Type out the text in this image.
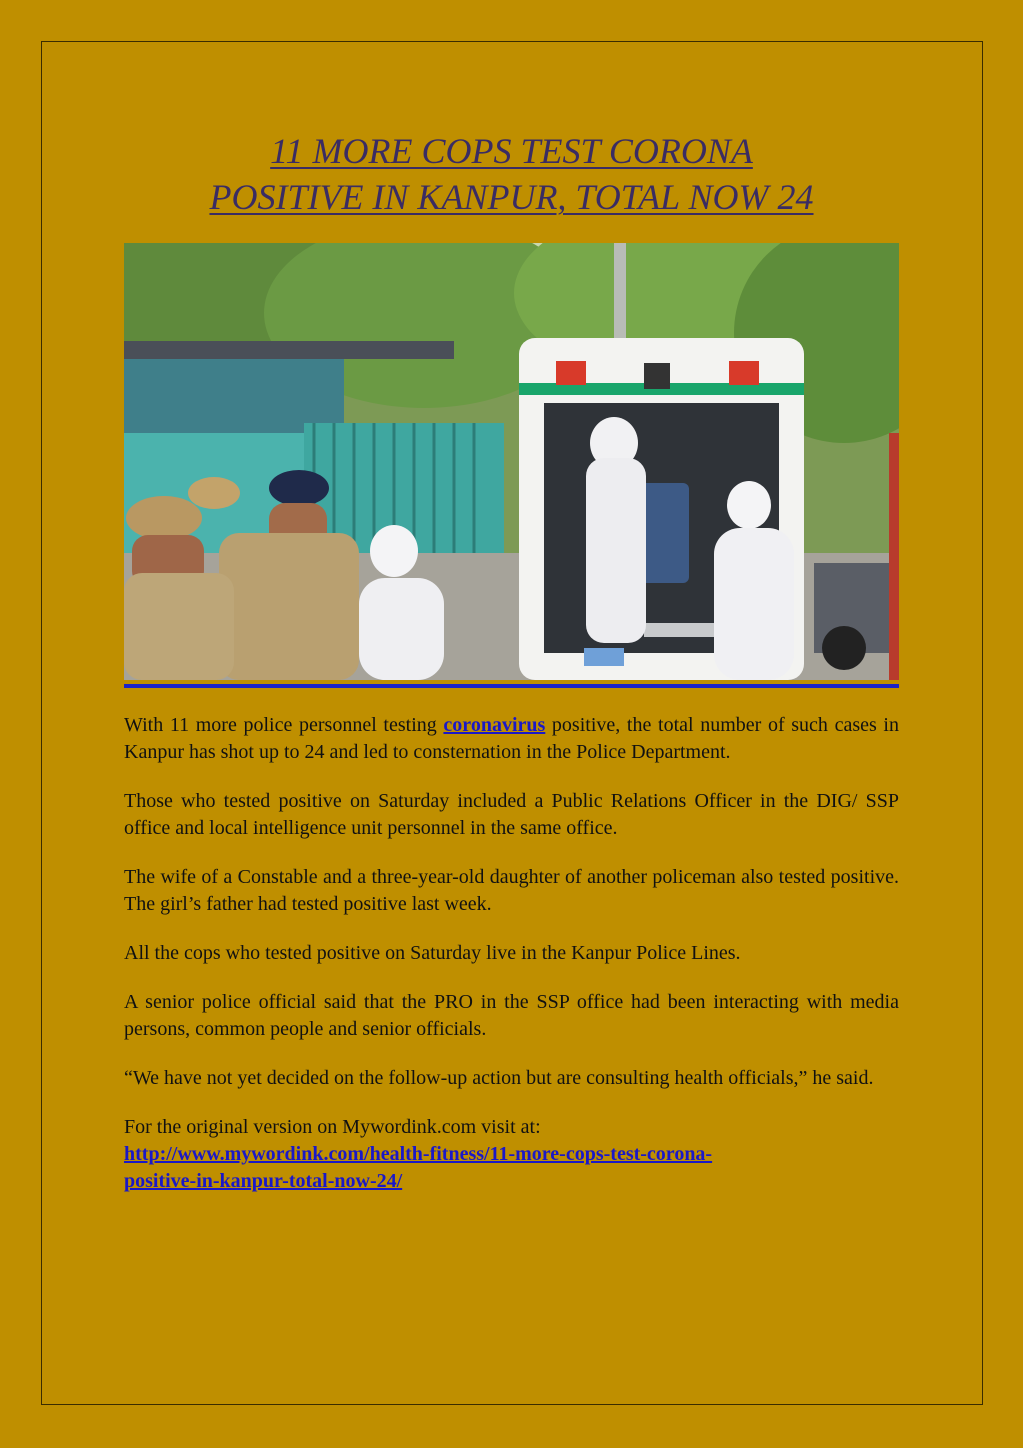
11 MORE COPS TEST CORONA
POSITIVE IN KANPUR, TOTAL NOW 24

With 11 more police personnel testing coronavirus positive, the total number of such cases in Kanpur has shot up to 24 and led to consternation in the Police Department.

Those who tested positive on Saturday included a Public Relations Officer in the DIG/ SSP office and local intelligence unit personnel in the same office.

The wife of a Constable and a three-year-old daughter of another policeman also tested positive. The girl’s father had tested positive last week.

All the cops who tested positive on Saturday live in the Kanpur Police Lines.

A senior police official said that the PRO in the SSP office had been interacting with media persons, common people and senior officials.

“We have not yet decided on the follow-up action but are consulting health officials,” he said.

For the original version on Mywordink.com visit at:

http://www.mywordink.com/health-fitness/11-more-cops-test-corona-
positive-in-kanpur-total-now-24/
